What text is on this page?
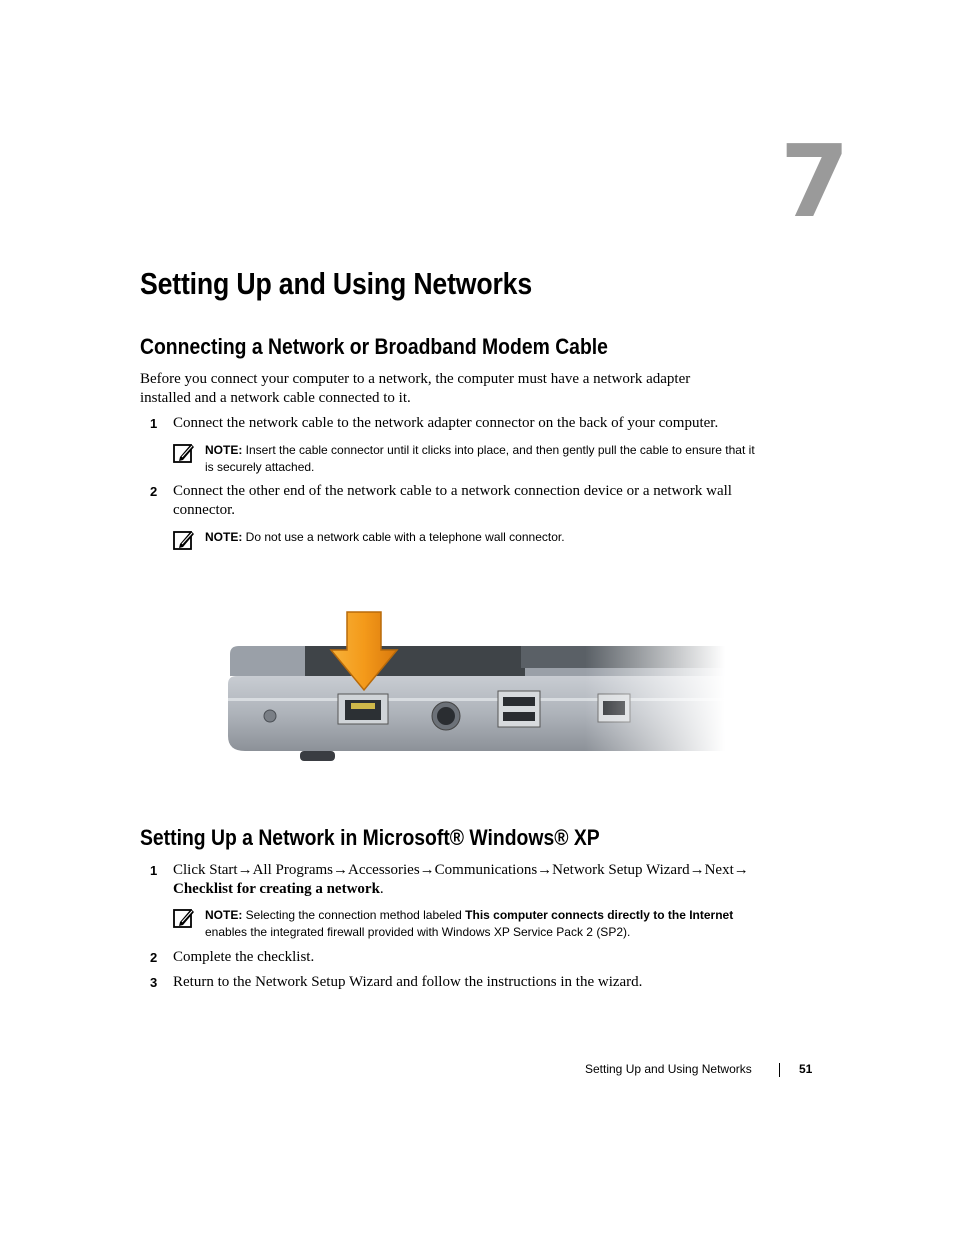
7
Setting Up and Using Networks
Connecting a Network or Broadband Modem Cable
Before you connect your computer to a network, the computer must have a network adapter
installed and a network cable connected to it.
1 Connect the network cable to the network adapter connector on the back of your computer.
NOTE: Insert the cable connector until it clicks into place, and then gently pull the cable to ensure that it
is securely attached.
2 Connect the other end of the network cable to a network connection device or a network wall
connector.
NOTE: Do not use a network cable with a telephone wall connector.
Setting Up a Network in Microsoft® Windows® XP
1 Click Start→All Programs→Accessories→Communications→Network Setup Wizard→Next→
Checklist for creating a network.
NOTE: Selecting the connection method labeled This computer connects directly to the Internet
enables the integrated firewall provided with Windows XP Service Pack 2 (SP2).
2 Complete the checklist.
3 Return to the Network Setup Wizard and follow the instructions in the wizard.
Setting Up and Using Networks	51
